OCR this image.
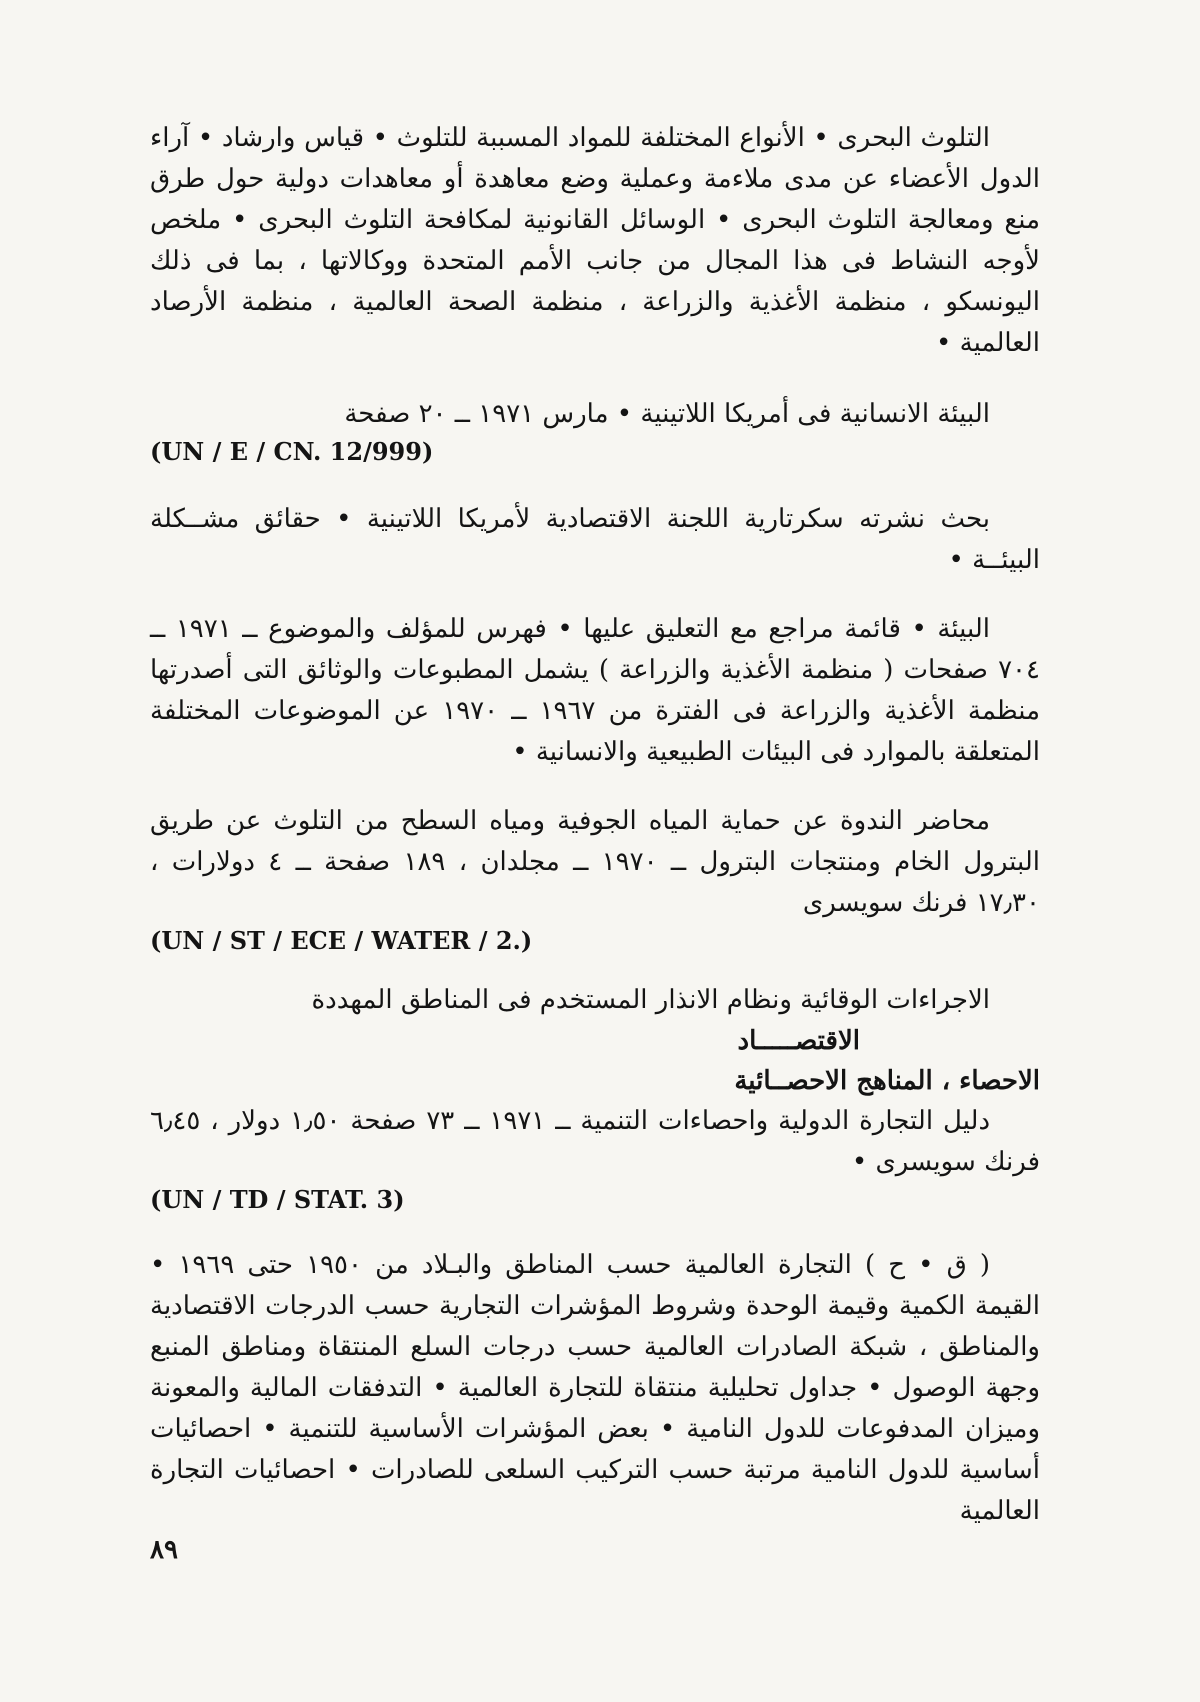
التلوث البحرى • الأنواع المختلفة للمواد المسببة للتلوث • قياس وارشاد • آراء الدول الأعضاء عن مدى ملاءمة وعملية وضع معاهدة أو معاهدات دولية حول طرق منع ومعالجة التلوث البحرى • الوسائل القانونية لمكافحة التلوث البحرى • ملخص لأوجه النشاط فى هذا المجال من جانب الأمم المتحدة ووكالاتها ، بما فى ذلك اليونسكو ، منظمة الأغذية والزراعة ، منظمة الصحة العالمية ، منظمة الأرصاد العالمية •

البيئة الانسانية فى أمريكا اللاتينية • مارس ١٩٧١ ــ ٢٠ صفحة

(UN / E / CN. 12/999)

بحث نشرته سكرتارية اللجنة الاقتصادية لأمريكا اللاتينية • حقائق مشــكلة البيئــة •

البيئة • قائمة مراجع مع التعليق عليها • فهرس للمؤلف والموضوع ــ ١٩٧١ ــ ٧٠٤ صفحات ( منظمة الأغذية والزراعة ) يشمل المطبوعات والوثائق التى أصدرتها منظمة الأغذية والزراعة فى الفترة من ١٩٦٧ ــ ١٩٧٠ عن الموضوعات المختلفة المتعلقة بالموارد فى البيئات الطبيعية والانسانية •

محاضر الندوة عن حماية المياه الجوفية ومياه السطح من التلوث عن طريق البترول الخام ومنتجات البترول ــ ١٩٧٠ ــ مجلدان ، ١٨٩ صفحة ــ ٤ دولارات ، ١٧٫٣٠ فرنك سويسرى

(UN / ST / ECE / WATER / 2.)

الاجراءات الوقائية ونظام الانذار المستخدم فى المناطق المهددة

الاقتصـــــاد

الاحصاء ، المناهج الاحصــائية

دليل التجارة الدولية واحصاءات التنمية ــ ١٩٧١ ــ ٧٣ صفحة ١٫٥٠ دولار ، ٦٫٤٥ فرنك سويسرى •

(UN / TD / STAT. 3)

( ق • ح ) التجارة العالمية حسب المناطق والبـلاد من ١٩٥٠ حتى ١٩٦٩ • القيمة الكمية وقيمة الوحدة وشروط المؤشرات التجارية حسب الدرجات الاقتصادية والمناطق ، شبكة الصادرات العالمية حسب درجات السلع المنتقاة ومناطق المنبع وجهة الوصول • جداول تحليلية منتقاة للتجارة العالمية • التدفقات المالية والمعونة وميزان المدفوعات للدول النامية • بعض المؤشرات الأساسية للتنمية • احصائيات أساسية للدول النامية مرتبة حسب التركيب السلعى للصادرات • احصائيات التجارة العالمية

٨٩
